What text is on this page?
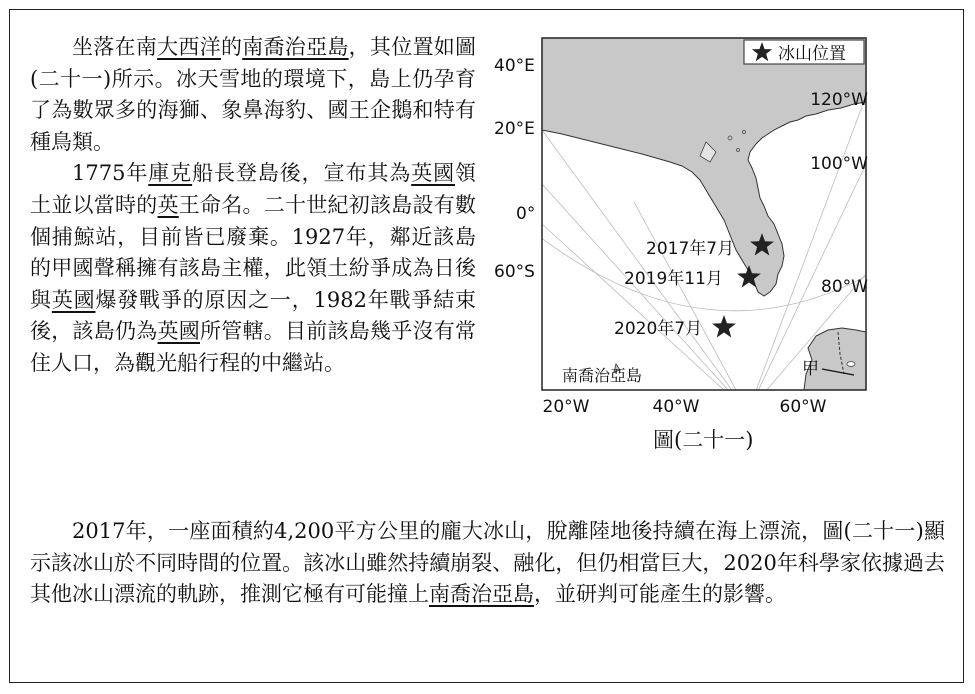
坐落在南大西洋的南喬治亞島，其位置如圖(二十一)所示。冰天雪地的環境下，島上仍孕育了為數眾多的海獅、象鼻海豹、國王企鵝和特有種鳥類。

1775年庫克船長登島後，宣布其為英國領土並以當時的英王命名。二十世紀初該島設有數個捕鯨站，目前皆已廢棄。1927年，鄰近該島的甲國聲稱擁有該島主權，此領土紛爭成為日後與英國爆發戰爭的原因之一，1982年戰爭結束後，該島仍為英國所管轄。目前該島幾乎沒有常住人口，為觀光船行程的中繼站。

冰山位置
40°E
20°E
0°
60°S
120°W
100°W
80°W
20°W	40°W	60°W
2017年7月
2019年11月
2020年7月
南喬治亞島	甲
圖(二十一)

2017年，一座面積約4,200平方公里的龐大冰山，脫離陸地後持續在海上漂流，圖(二十一)顯示該冰山於不同時間的位置。該冰山雖然持續崩裂、融化，但仍相當巨大，2020年科學家依據過去其他冰山漂流的軌跡，推測它極有可能撞上南喬治亞島，並研判可能產生的影響。
